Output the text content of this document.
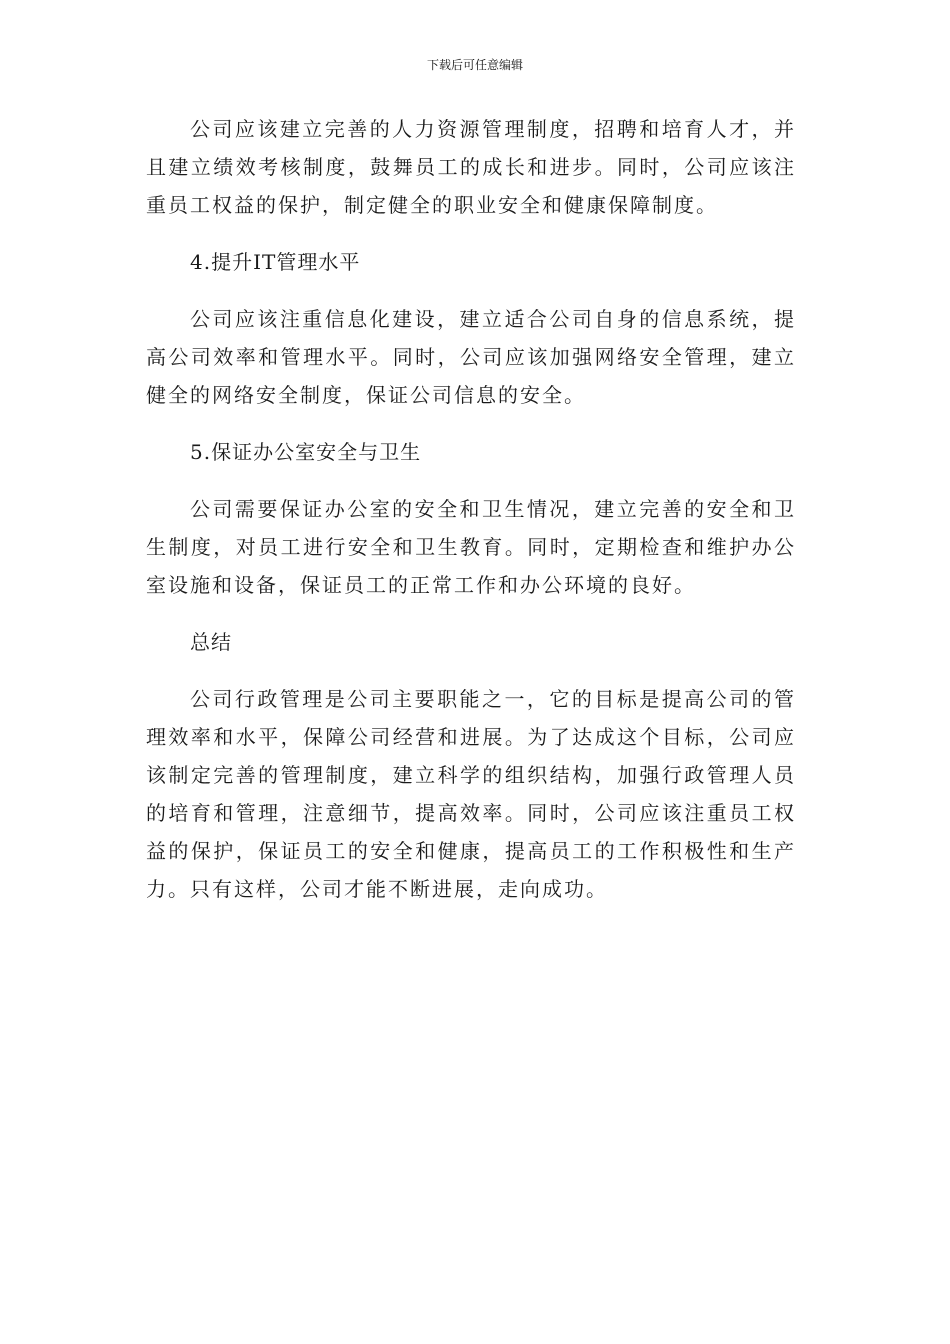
下载后可任意编辑

公司应该建立完善的人力资源管理制度，招聘和培育人才，并且建立绩效考核制度，鼓舞员工的成长和进步。同时，公司应该注重员工权益的保护，制定健全的职业安全和健康保障制度。

4.提升IT管理水平

公司应该注重信息化建设，建立适合公司自身的信息系统，提高公司效率和管理水平。同时，公司应该加强网络安全管理，建立健全的网络安全制度，保证公司信息的安全。

5.保证办公室安全与卫生

公司需要保证办公室的安全和卫生情况，建立完善的安全和卫生制度，对员工进行安全和卫生教育。同时，定期检查和维护办公室设施和设备，保证员工的正常工作和办公环境的良好。

总结

公司行政管理是公司主要职能之一，它的目标是提高公司的管理效率和水平，保障公司经营和进展。为了达成这个目标，公司应该制定完善的管理制度，建立科学的组织结构，加强行政管理人员的培育和管理，注意细节，提高效率。同时，公司应该注重员工权益的保护，保证员工的安全和健康，提高员工的工作积极性和生产力。只有这样，公司才能不断进展，走向成功。
